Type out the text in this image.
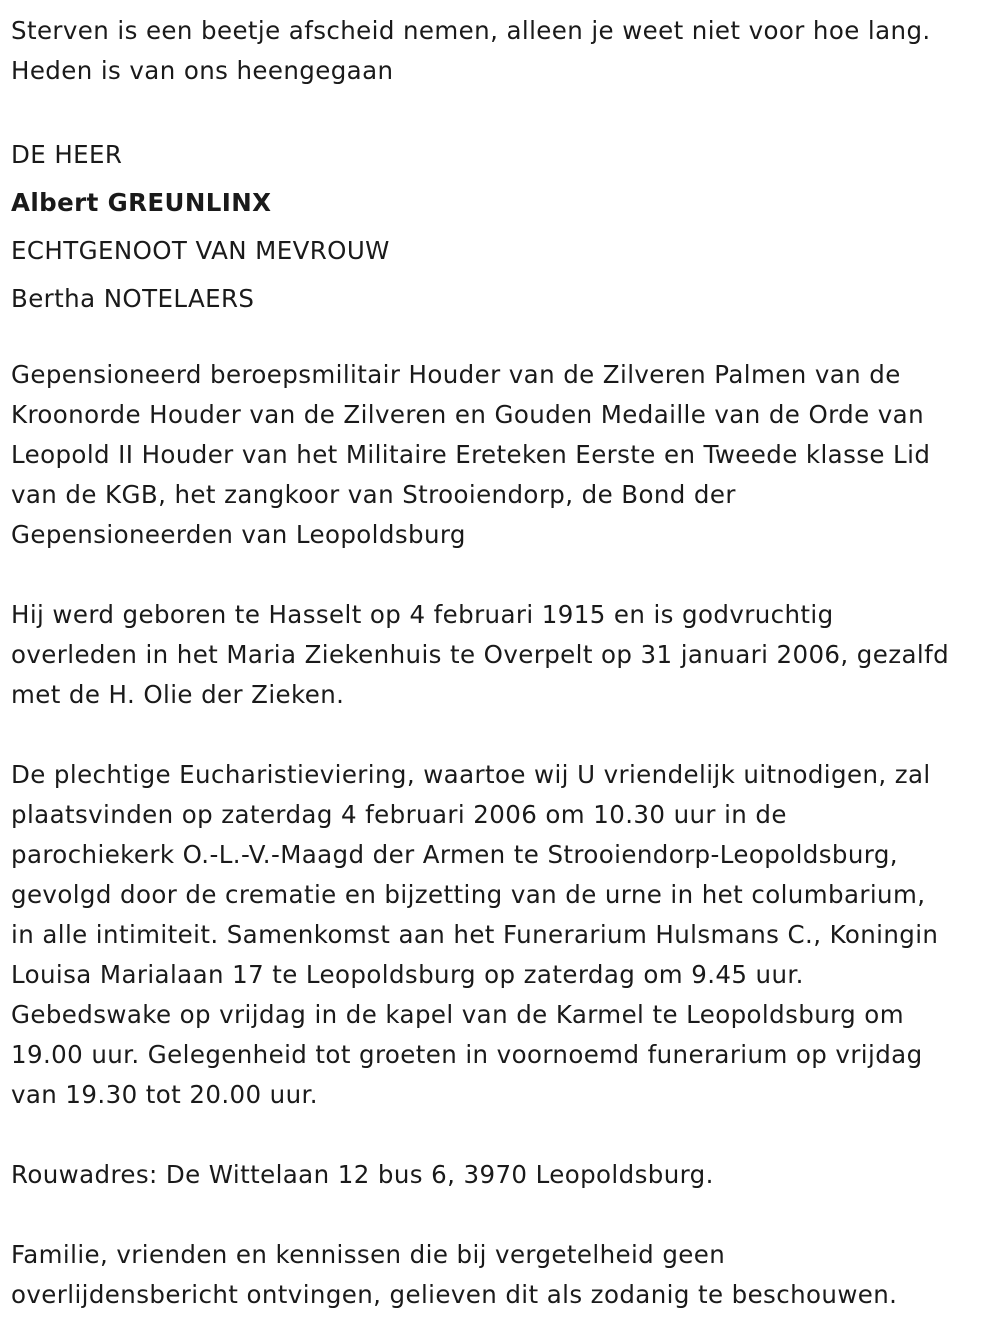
Sterven is een beetje afscheid nemen, alleen je weet niet voor hoe lang.
Heden is van ons heengegaan

DE HEER
Albert GREUNLINX
ECHTGENOOT VAN MEVROUW
Bertha NOTELAERS

Gepensioneerd beroepsmilitair Houder van de Zilveren Palmen van de
Kroonorde Houder van de Zilveren en Gouden Medaille van de Orde van
Leopold II Houder van het Militaire Ereteken Eerste en Tweede klasse Lid
van de KGB, het zangkoor van Strooiendorp, de Bond der
Gepensioneerden van Leopoldsburg

Hij werd geboren te Hasselt op 4 februari 1915 en is godvruchtig
overleden in het Maria Ziekenhuis te Overpelt op 31 januari 2006, gezalfd
met de H. Olie der Zieken.

De plechtige Eucharistieviering, waartoe wij U vriendelijk uitnodigen, zal
plaatsvinden op zaterdag 4 februari 2006 om 10.30 uur in de
parochiekerk O.-L.-V.-Maagd der Armen te Strooiendorp-Leopoldsburg,
gevolgd door de crematie en bijzetting van de urne in het columbarium,
in alle intimiteit. Samenkomst aan het Funerarium Hulsmans C., Koningin
Louisa Marialaan 17 te Leopoldsburg op zaterdag om 9.45 uur.
Gebedswake op vrijdag in de kapel van de Karmel te Leopoldsburg om
19.00 uur. Gelegenheid tot groeten in voornoemd funerarium op vrijdag
van 19.30 tot 20.00 uur.

Rouwadres: De Wittelaan 12 bus 6, 3970 Leopoldsburg.

Familie, vrienden en kennissen die bij vergetelheid geen
overlijdensbericht ontvingen, gelieven dit als zodanig te beschouwen.
